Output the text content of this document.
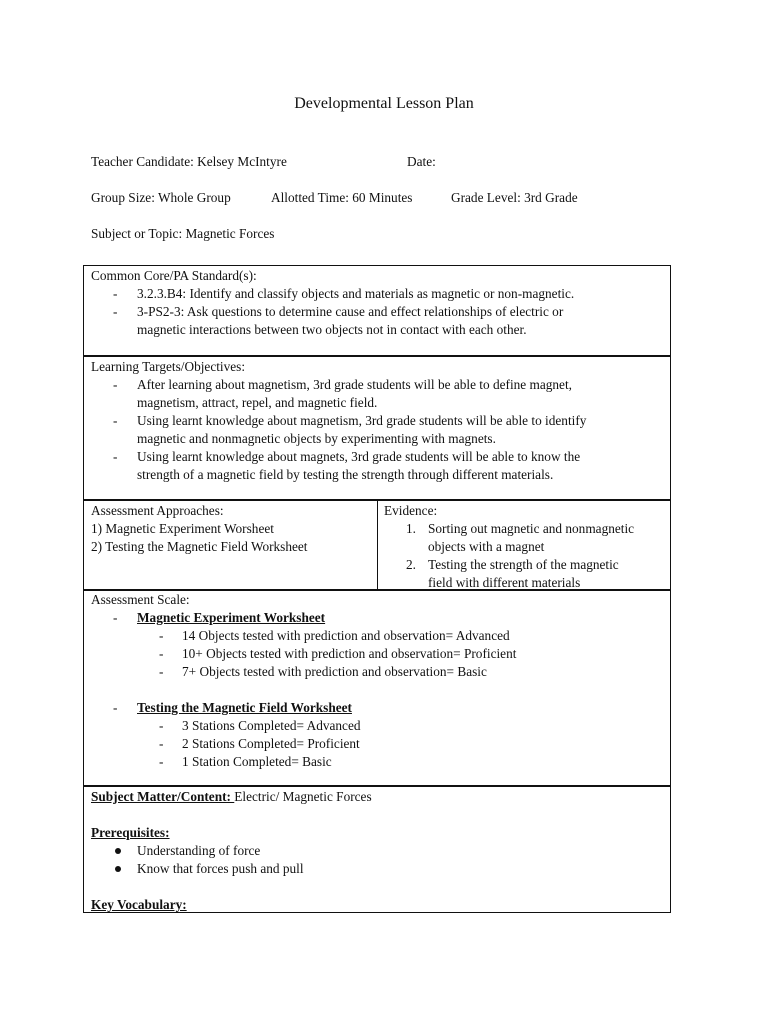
Developmental Lesson Plan
Teacher Candidate: Kelsey McIntyre	Date:
Group Size: Whole Group	Allotted Time: 60 Minutes	Grade Level: 3rd Grade
Subject or Topic: Magnetic Forces
Common Core/PA Standard(s):
- 3.2.3.B4: Identify and classify objects and materials as magnetic or non-magnetic.
- 3-PS2-3: Ask questions to determine cause and effect relationships of electric or
magnetic interactions between two objects not in contact with each other.
Learning Targets/Objectives:
- After learning about magnetism, 3rd grade students will be able to define magnet,
magnetism, attract, repel, and magnetic field.
- Using learnt knowledge about magnetism, 3rd grade students will be able to identify
magnetic and nonmagnetic objects by experimenting with magnets.
- Using learnt knowledge about magnets, 3rd grade students will be able to know the
strength of a magnetic field by testing the strength through different materials.
Assessment Approaches:
1) Magnetic Experiment Worsheet
2) Testing the Magnetic Field Worksheet
Evidence:
1. Sorting out magnetic and nonmagnetic
objects with a magnet
2. Testing the strength of the magnetic
field with different materials
Assessment Scale:
- Magnetic Experiment Worksheet
- 14 Objects tested with prediction and observation= Advanced
- 10+ Objects tested with prediction and observation= Proficient
- 7+ Objects tested with prediction and observation= Basic
- Testing the Magnetic Field Worksheet
- 3 Stations Completed= Advanced
- 2 Stations Completed= Proficient
- 1 Station Completed= Basic
Subject Matter/Content: Electric/ Magnetic Forces
Prerequisites:
Understanding of force
Know that forces push and pull
Key Vocabulary:
